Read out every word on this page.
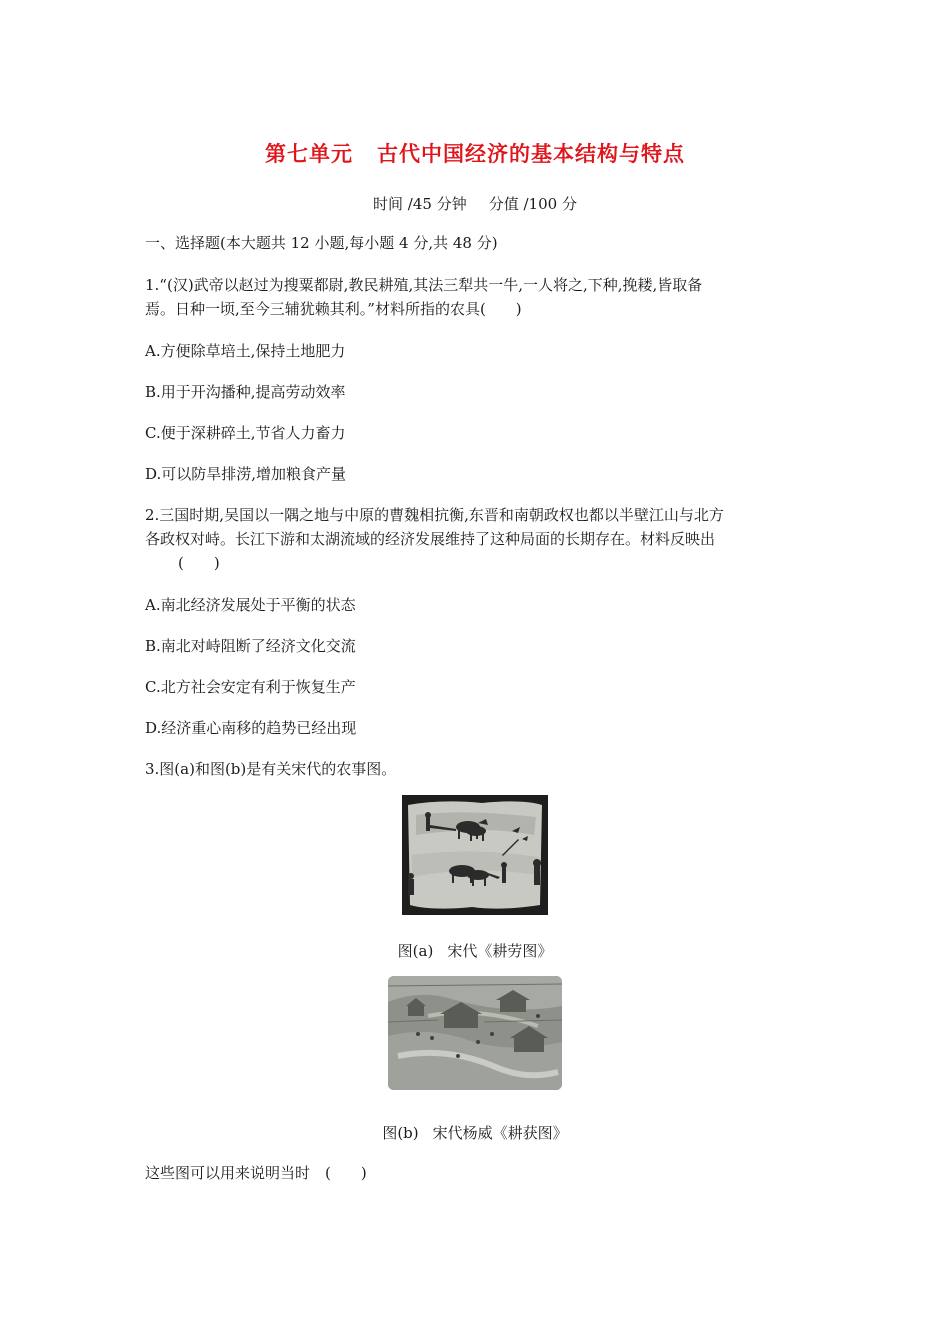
第七单元 古代中国经济的基本结构与特点
时间 /45 分钟 分值 /100 分
一、选择题(本大题共 12 小题,每小题 4 分,共 48 分)
1.“(汉)武帝以赵过为搜粟都尉,教民耕殖,其法三犁共一牛,一人将之,下种,挽耧,皆取备
焉。日种一顷,至今三辅犹赖其利。”材料所指的农具(　　)
A.方便除草培土,保持土地肥力
B.用于开沟播种,提高劳动效率
C.便于深耕碎土,节省人力畜力
D.可以防旱排涝,增加粮食产量
2.三国时期,吴国以一隅之地与中原的曹魏相抗衡,东晋和南朝政权也都以半壁江山与北方
各政权对峙。长江下游和太湖流域的经济发展维持了这种局面的长期存在。材料反映出
(　　)
A.南北经济发展处于平衡的状态
B.南北对峙阻断了经济文化交流
C.北方社会安定有利于恢复生产
D.经济重心南移的趋势已经出现
3.图(a)和图(b)是有关宋代的农事图。
图(a) 宋代《耕劳图》
图(b) 宋代杨威《耕获图》
这些图可以用来说明当时　(　　)
